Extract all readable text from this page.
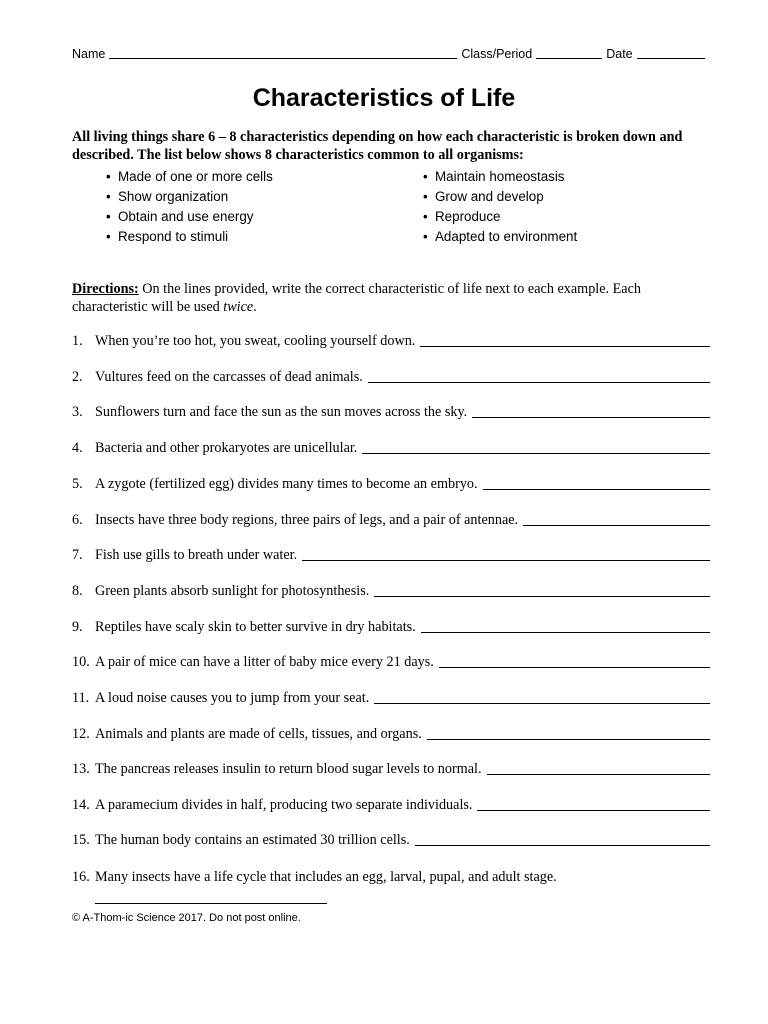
Name	Class/Period	Date
Characteristics of Life
All living things share 6 – 8 characteristics depending on how each characteristic is broken down and described. The list below shows 8 characteristics common to all organisms:
• Made of one or more cells
• Show organization
• Obtain and use energy
• Respond to stimuli
• Maintain homeostasis
• Grow and develop
• Reproduce
• Adapted to environment
Directions: On the lines provided, write the correct characteristic of life next to each example. Each characteristic will be used twice.
1. When you’re too hot, you sweat, cooling yourself down.
2. Vultures feed on the carcasses of dead animals.
3. Sunflowers turn and face the sun as the sun moves across the sky.
4. Bacteria and other prokaryotes are unicellular.
5. A zygote (fertilized egg) divides many times to become an embryo.
6. Insects have three body regions, three pairs of legs, and a pair of antennae.
7. Fish use gills to breath under water.
8. Green plants absorb sunlight for photosynthesis.
9. Reptiles have scaly skin to better survive in dry habitats.
10. A pair of mice can have a litter of baby mice every 21 days.
11. A loud noise causes you to jump from your seat.
12. Animals and plants are made of cells, tissues, and organs.
13. The pancreas releases insulin to return blood sugar levels to normal.
14. A paramecium divides in half, producing two separate individuals.
15. The human body contains an estimated 30 trillion cells.
16. Many insects have a life cycle that includes an egg, larval, pupal, and adult stage.
© A-Thom-ic Science 2017. Do not post online.
